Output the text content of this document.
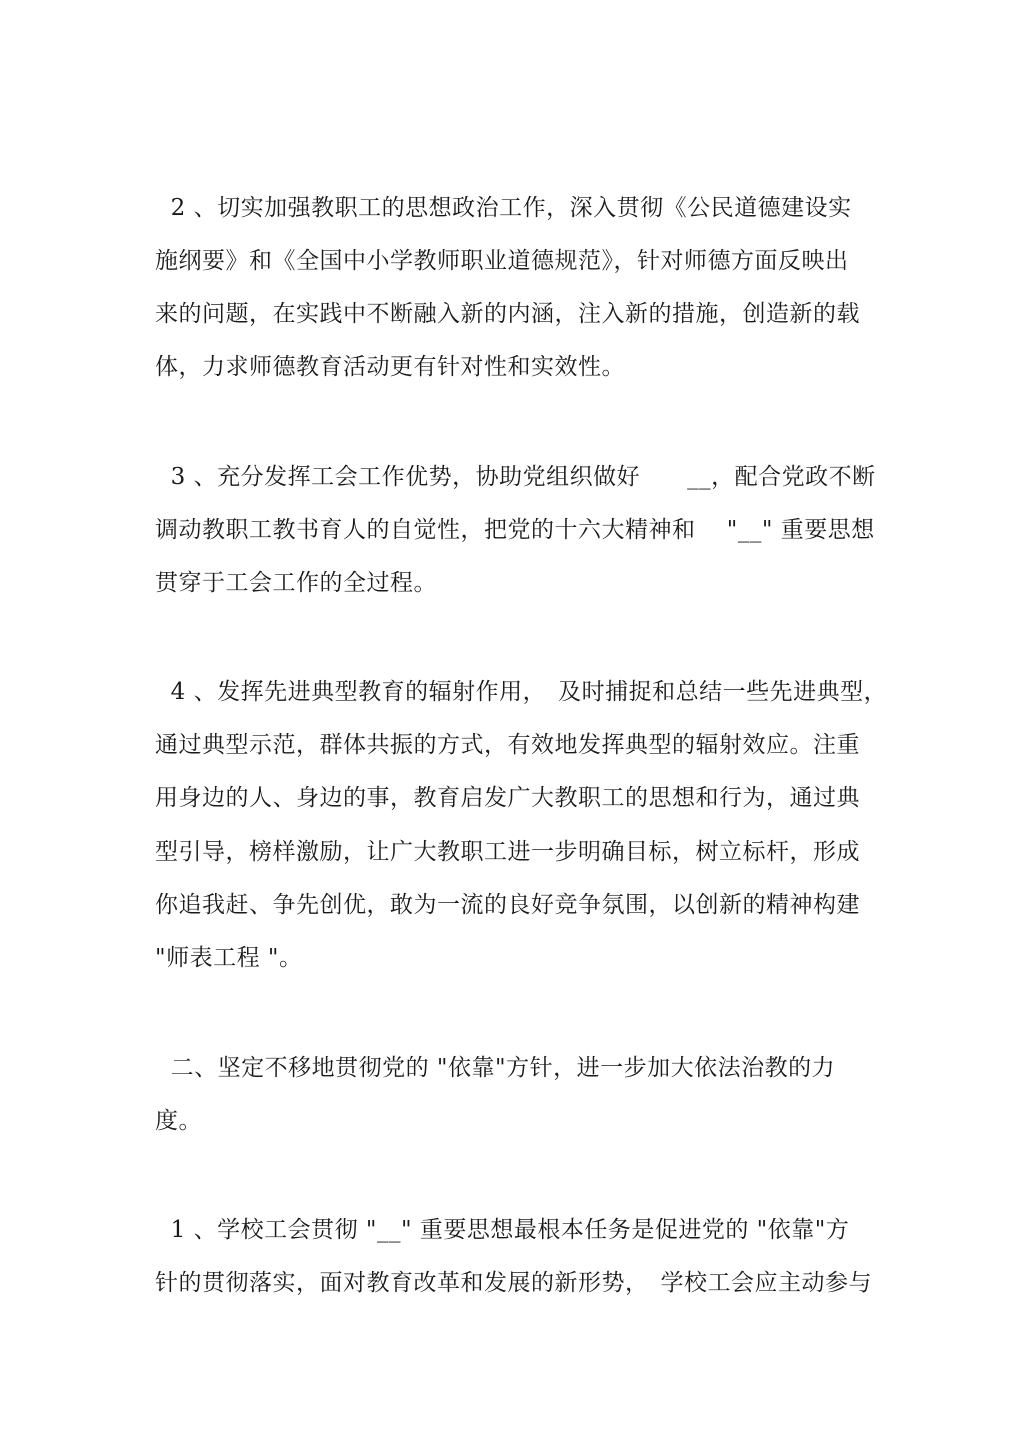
2 、切实加强教职工的思想政治工作，深入贯彻《公民道德建设实
施纲要》和《全国中小学教师职业道德规范》，针对师德方面反映出
来的问题，在实践中不断融入新的内涵，注入新的措施，创造新的载
体，力求师德教育活动更有针对性和实效性。
3 、充分发挥工会工作优势，协助党组织做好　　__，配合党政不断
调动教职工教书育人的自觉性，把党的十六大精神和　 "__" 重要思想
贯穿于工会工作的全过程。
4 、发挥先进典型教育的辐射作用，　及时捕捉和总结一些先进典型，
通过典型示范，群体共振的方式，有效地发挥典型的辐射效应。注重
用身边的人、身边的事，教育启发广大教职工的思想和行为，通过典
型引导，榜样激励，让广大教职工进一步明确目标，树立标杆，形成
你追我赶、争先创优，敢为一流的良好竞争氛围，以创新的精神构建
"师表工程 "。
二、坚定不移地贯彻党的 "依靠"方针，进一步加大依法治教的力
度。
1 、学校工会贯彻 "__" 重要思想最根本任务是促进党的 "依靠"方
针的贯彻落实，面对教育改革和发展的新形势，　学校工会应主动参与
